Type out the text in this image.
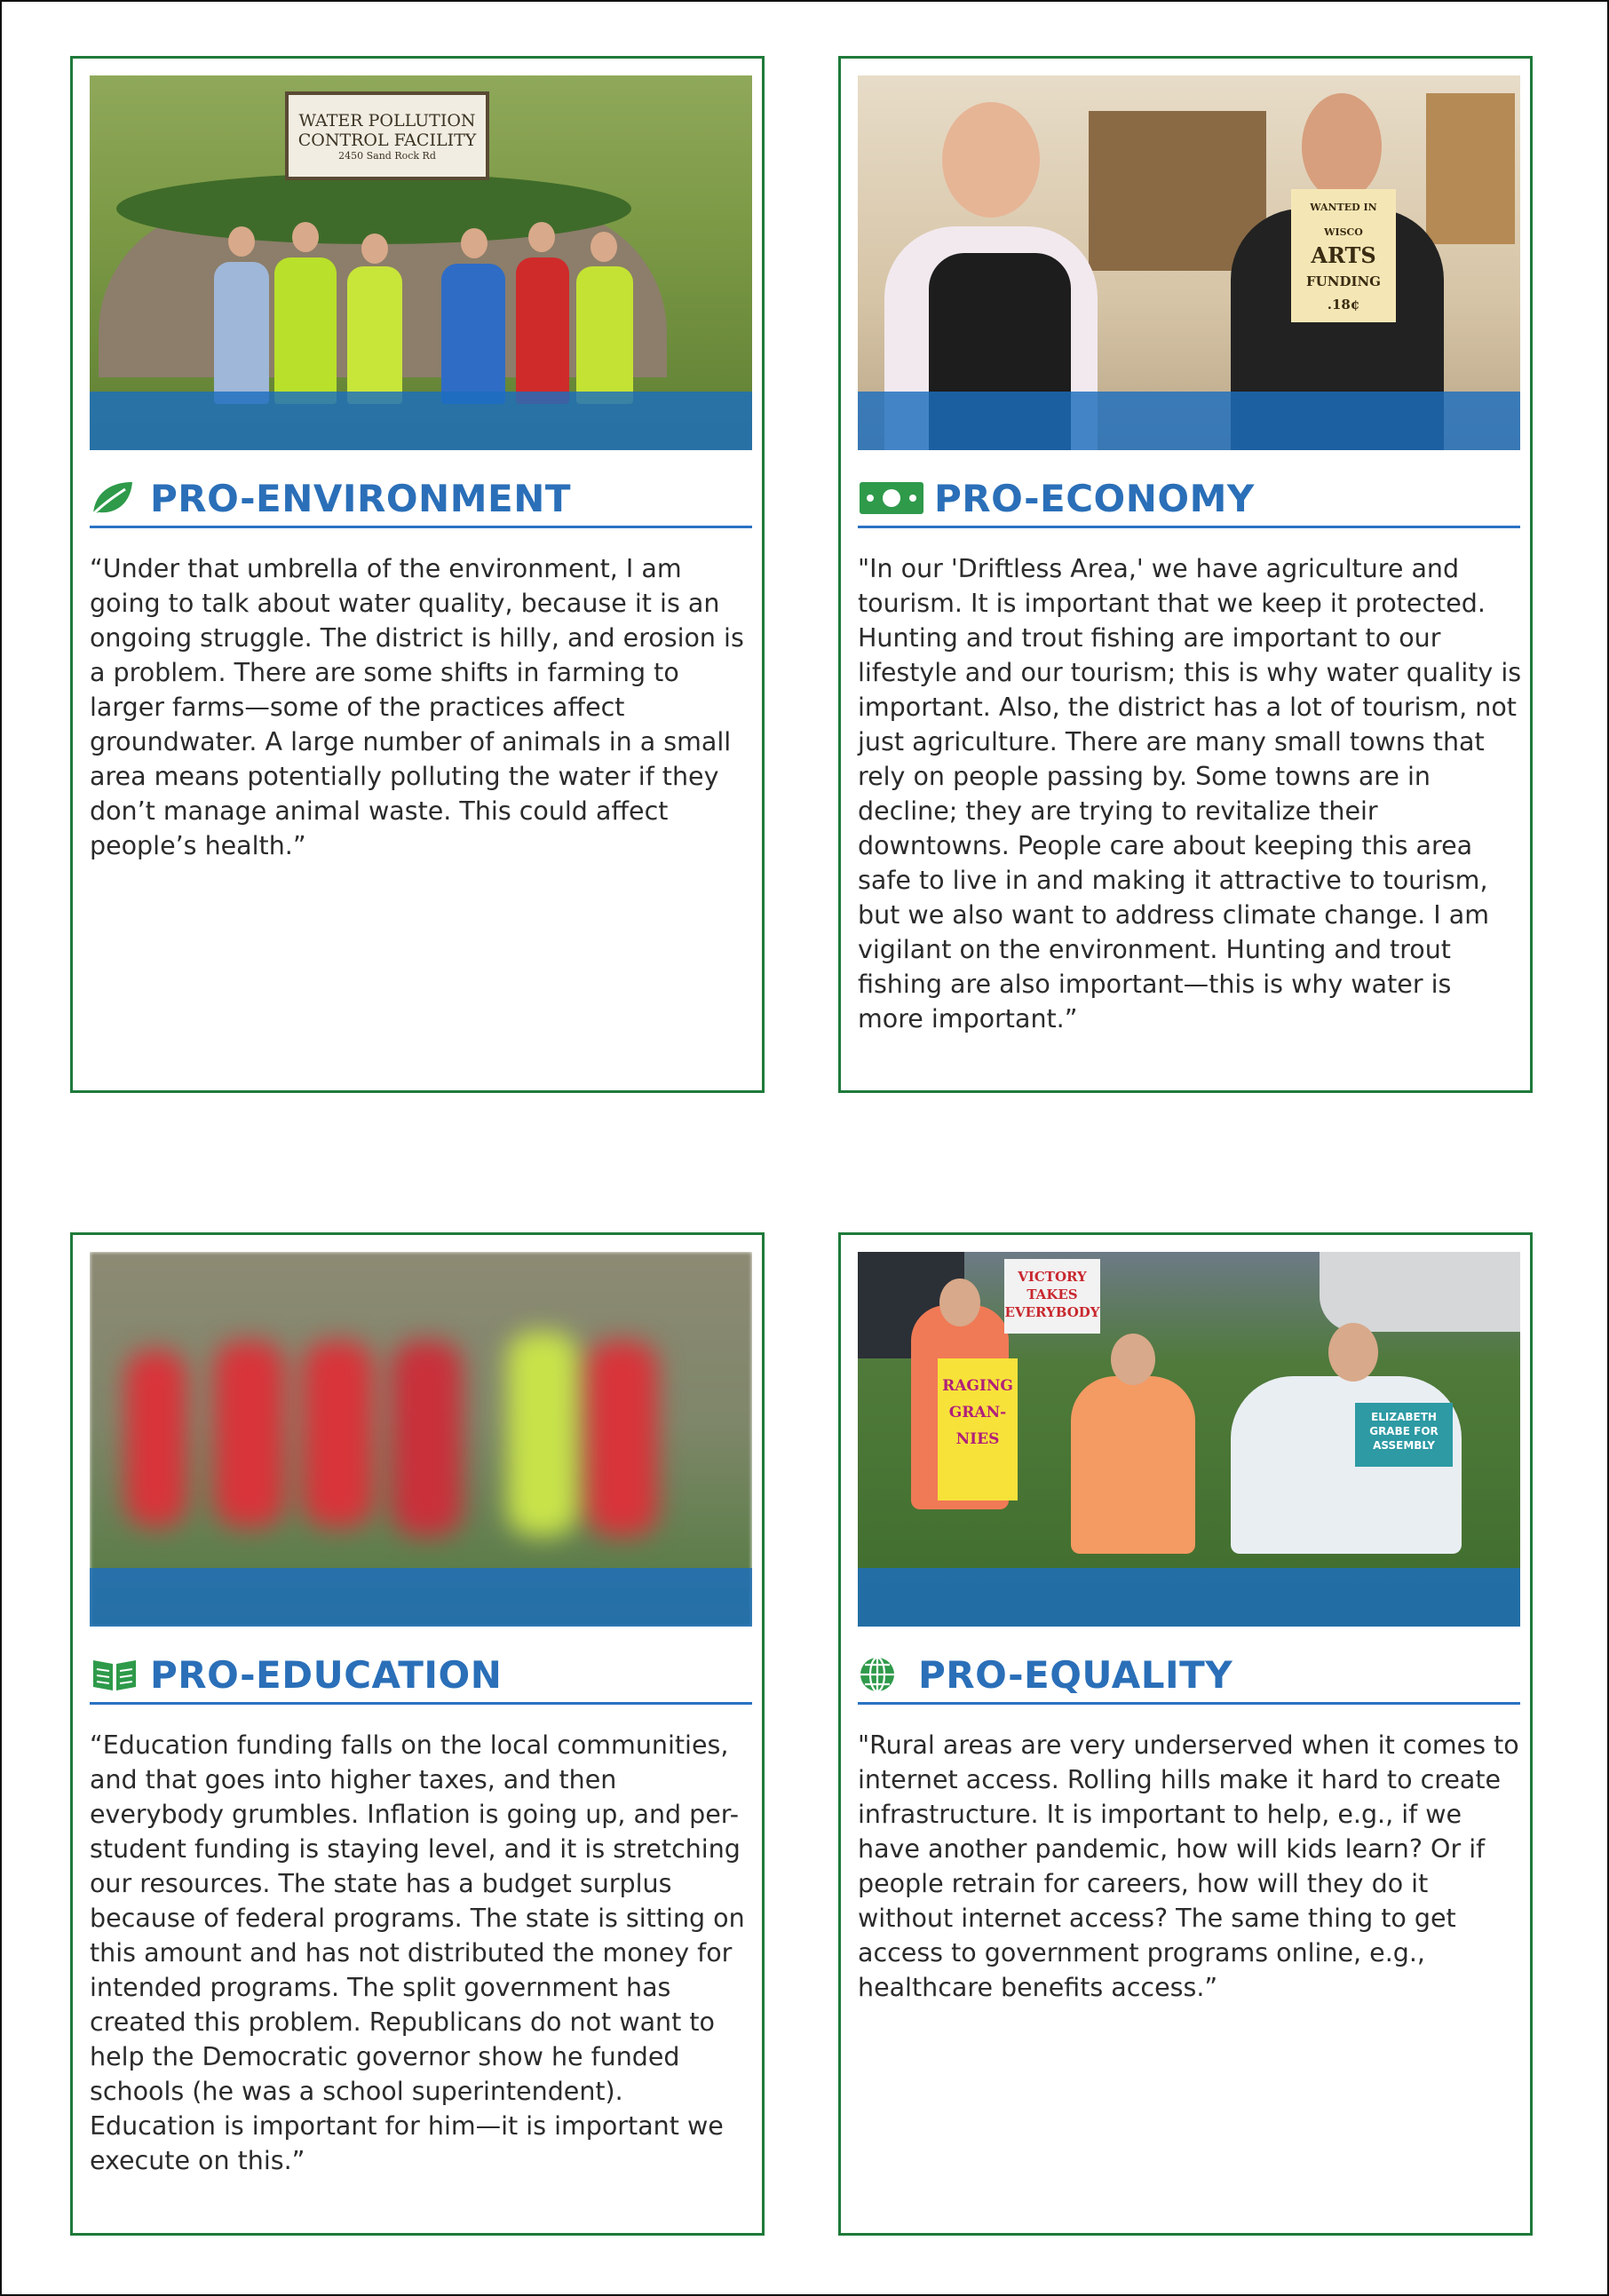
WATER POLLUTION
CONTROL FACILITY
2450 Sand Rock Rd
PRO-ENVIRONMENT

“Under that umbrella of the environment, I am going to talk about water quality, because it is an ongoing struggle. The district is hilly, and erosion is a problem. There are some shifts in farming to larger farms—some of the practices affect groundwater. A large number of animals in a small area means potentially polluting the water if they don’t manage animal waste. This could affect people’s health.”

WANTED IN WISCO
ARTS
FUNDING
.18¢
PRO-ECONOMY

"In our 'Driftless Area,' we have agriculture and tourism. It is important that we keep it protected. Hunting and trout fishing are important to our lifestyle and our tourism; this is why water quality is important. Also, the district has a lot of tourism, not just agriculture. There are many small towns that rely on people passing by. Some towns are in decline; they are trying to revitalize their downtowns. People care about keeping this area safe to live in and making it attractive to tourism, but we also want to address climate change. I am vigilant on the environment. Hunting and trout fishing are also important—this is why water is more important.”

PRO-EDUCATION

“Education funding falls on the local communities, and that goes into higher taxes, and then everybody grumbles. Inflation is going up, and per-student funding is staying level, and it is stretching our resources. The state has a budget surplus because of federal programs. The state is sitting on this amount and has not distributed the money for intended programs. The split government has created this problem. Republicans do not want to help the Democratic governor show he funded schools (he was a school superintendent). Education is important for him—it is important we execute on this.”

VICTORY TAKES EVERYBODY
RAGING GRAN-NIES
ELIZABETH GRABE FOR ASSEMBLY
PRO-EQUALITY

"Rural areas are very underserved when it comes to internet access. Rolling hills make it hard to create infrastructure. It is important to help, e.g., if we have another pandemic, how will kids learn? Or if people retrain for careers, how will they do it without internet access? The same thing to get access to government programs online, e.g., healthcare benefits access.”
